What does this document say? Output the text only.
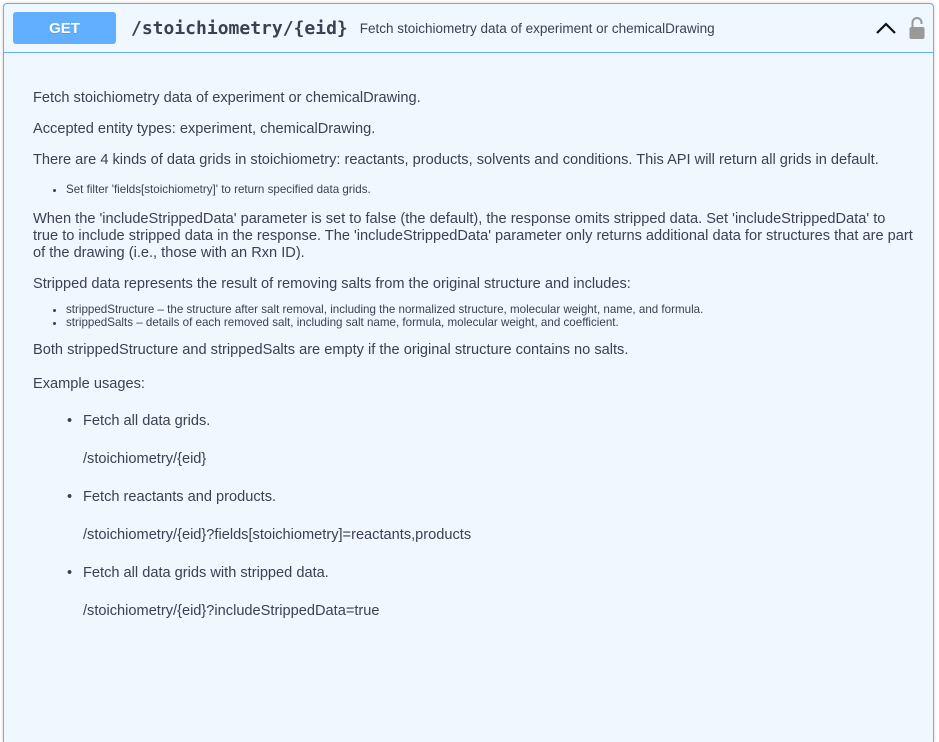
GET	/stoichiometry/{eid} Fetch stoichiometry data of experiment or chemicalDrawing

Fetch stoichiometry data of experiment or chemicalDrawing.

Accepted entity types: experiment, chemicalDrawing.

There are 4 kinds of data grids in stoichiometry: reactants, products, solvents and conditions. This API will return all grids in default.

• Set filter 'fields[stoichiometry]' to return specified data grids.

When the 'includeStrippedData' parameter is set to false (the default), the response omits stripped data. Set 'includeStrippedData' to true to include stripped data in the response. The 'includeStrippedData' parameter only returns additional data for structures that are part of the drawing (i.e., those with an Rxn ID).

Stripped data represents the result of removing salts from the original structure and includes:

• strippedStructure – the structure after salt removal, including the normalized structure, molecular weight, name, and formula.
• strippedSalts – details of each removed salt, including salt name, formula, molecular weight, and coefficient.

Both strippedStructure and strippedSalts are empty if the original structure contains no salts.

Example usages:

• Fetch all data grids.
/stoichiometry/{eid}
• Fetch reactants and products.
/stoichiometry/{eid}?fields[stoichiometry]=reactants,products
• Fetch all data grids with stripped data.
/stoichiometry/{eid}?includeStrippedData=true
